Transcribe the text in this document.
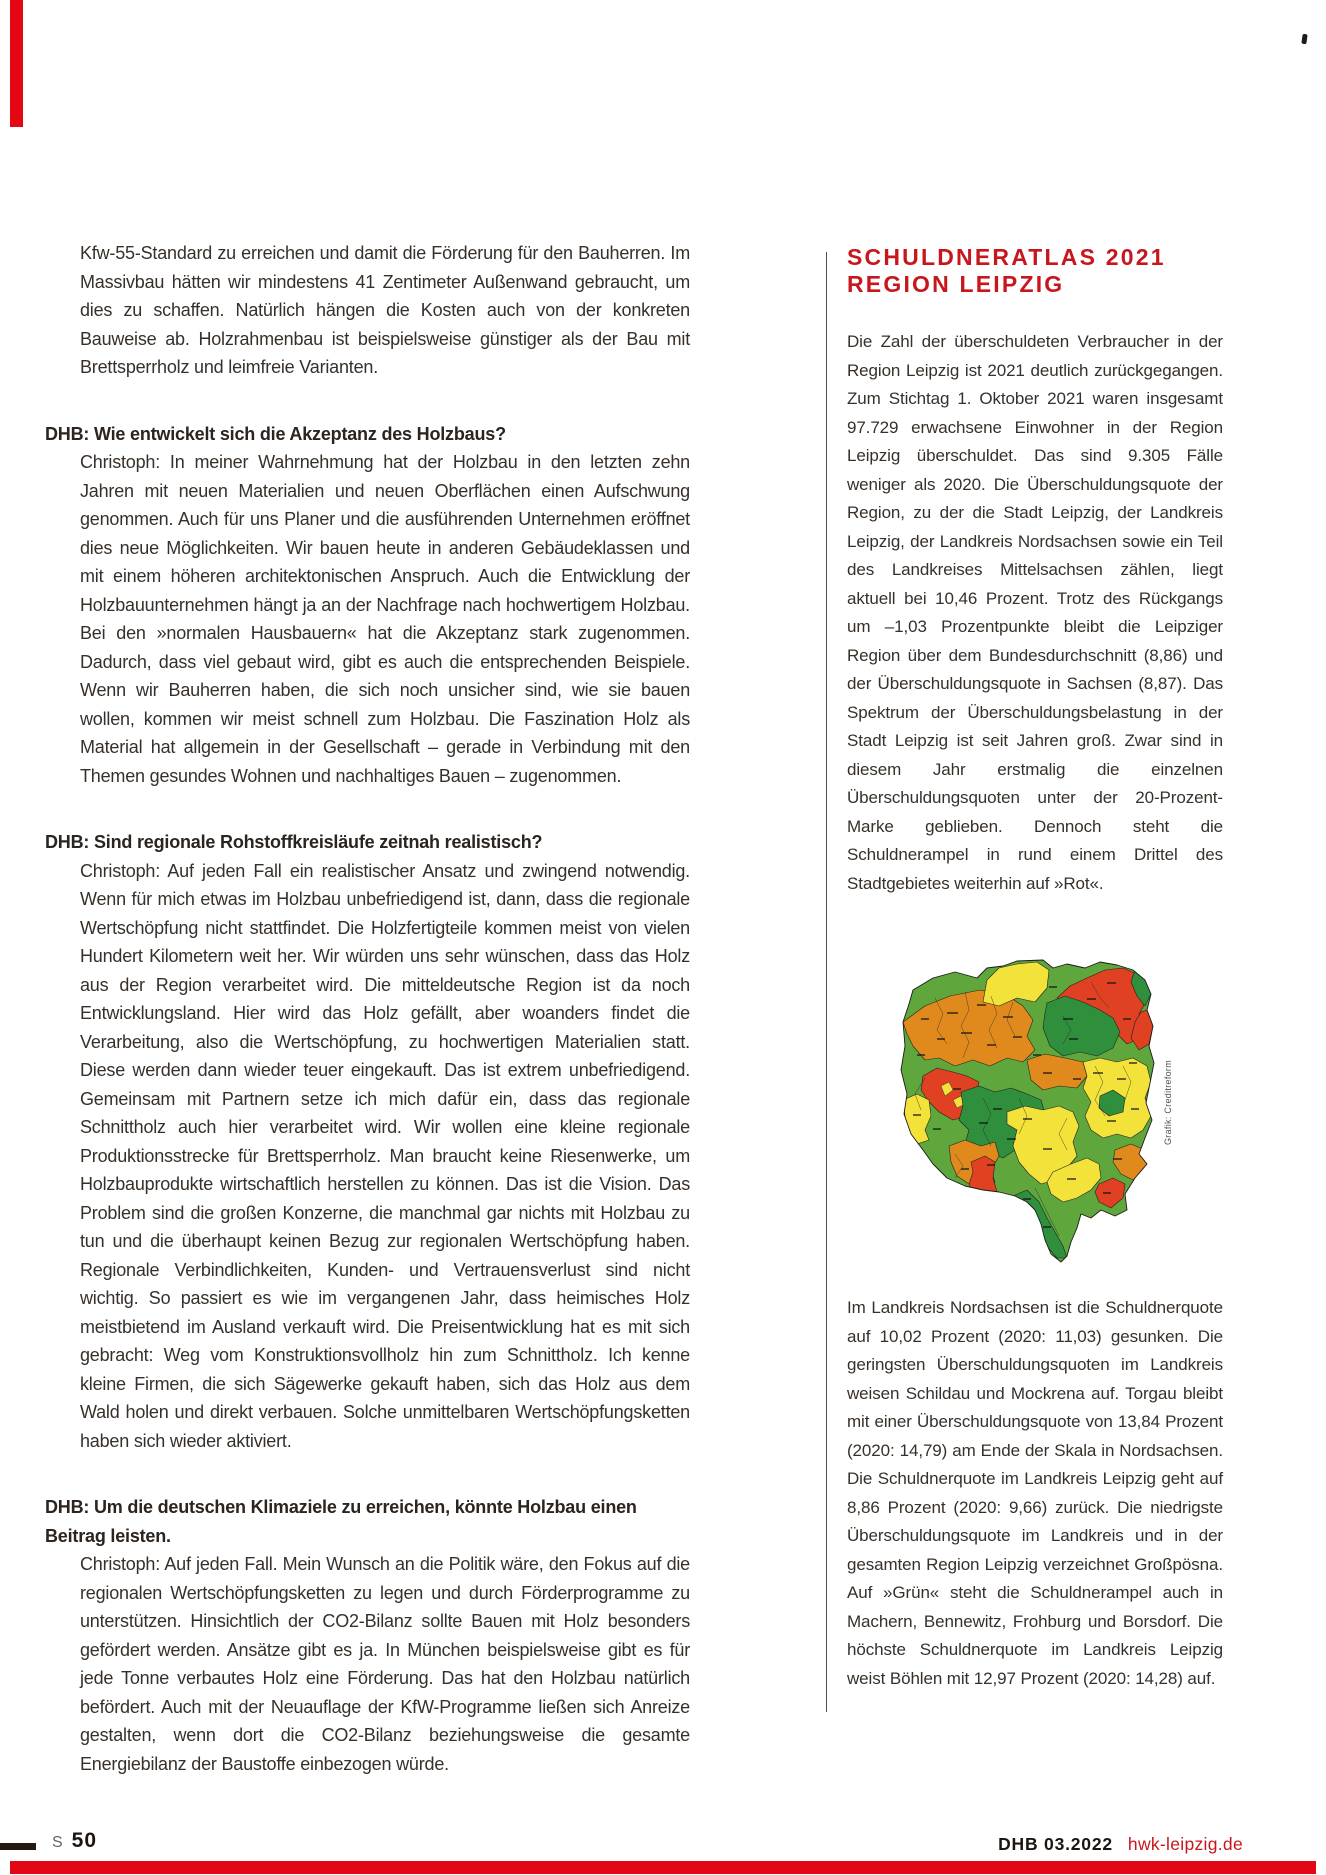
Kfw-55-Standard zu erreichen und damit die Förderung für den Bauherren. Im Massivbau hätten wir mindestens 41 Zentimeter Außenwand gebraucht, um dies zu schaffen. Natürlich hängen die Kosten auch von der konkreten Bauweise ab. Holzrahmenbau ist beispielsweise günstiger als der Bau mit Brettsperrholz und leimfreie Varianten.

DHB: Wie entwickelt sich die Akzeptanz des Holzbaus?

Christoph: In meiner Wahrnehmung hat der Holzbau in den letzten zehn Jahren mit neuen Materialien und neuen Oberflächen einen Aufschwung genommen. Auch für uns Planer und die ausführenden Unternehmen eröffnet dies neue Möglichkeiten. Wir bauen heute in anderen Gebäudeklassen und mit einem höheren architektonischen Anspruch. Auch die Entwicklung der Holzbauunternehmen hängt ja an der Nachfrage nach hochwertigem Holzbau. Bei den »normalen Hausbauern« hat die Akzeptanz stark zugenommen. Dadurch, dass viel gebaut wird, gibt es auch die entsprechenden Beispiele. Wenn wir Bauherren haben, die sich noch unsicher sind, wie sie bauen wollen, kommen wir meist schnell zum Holzbau. Die Faszination Holz als Material hat allgemein in der Gesellschaft – gerade in Verbindung mit den Themen gesundes Wohnen und nachhaltiges Bauen – zugenommen.

DHB: Sind regionale Rohstoffkreisläufe zeitnah realistisch?

Christoph: Auf jeden Fall ein realistischer Ansatz und zwingend notwendig. Wenn für mich etwas im Holzbau unbefriedigend ist, dann, dass die regionale Wertschöpfung nicht stattfindet. Die Holzfertigteile kommen meist von vielen Hundert Kilometern weit her. Wir würden uns sehr wünschen, dass das Holz aus der Region verarbeitet wird. Die mitteldeutsche Region ist da noch Entwicklungsland. Hier wird das Holz gefällt, aber woanders findet die Verarbeitung, also die Wertschöpfung, zu hochwertigen Materialien statt. Diese werden dann wieder teuer eingekauft. Das ist extrem unbefriedigend. Gemeinsam mit Partnern setze ich mich dafür ein, dass das regionale Schnittholz auch hier verarbeitet wird. Wir wollen eine kleine regionale Produktionsstrecke für Brettsperrholz. Man braucht keine Riesenwerke, um Holzbauprodukte wirtschaftlich herstellen zu können. Das ist die Vision. Das Problem sind die großen Konzerne, die manchmal gar nichts mit Holzbau zu tun und die überhaupt keinen Bezug zur regionalen Wertschöpfung haben. Regionale Verbindlichkeiten, Kunden- und Vertrauensverlust sind nicht wichtig. So passiert es wie im vergangenen Jahr, dass heimisches Holz meistbietend im Ausland verkauft wird. Die Preisentwicklung hat es mit sich gebracht: Weg vom Konstruktionsvollholz hin zum Schnittholz. Ich kenne kleine Firmen, die sich Sägewerke gekauft haben, sich das Holz aus dem Wald holen und direkt verbauen. Solche unmittelbaren Wertschöpfungsketten haben sich wieder aktiviert.

DHB: Um die deutschen Klimaziele zu erreichen, könnte Holzbau einen Beitrag leisten.

Christoph: Auf jeden Fall. Mein Wunsch an die Politik wäre, den Fokus auf die regionalen Wertschöpfungsketten zu legen und durch Förderprogramme zu unterstützen. Hinsichtlich der CO2-Bilanz sollte Bauen mit Holz besonders gefördert werden. Ansätze gibt es ja. In München beispielsweise gibt es für jede Tonne verbautes Holz eine Förderung. Das hat den Holzbau natürlich befördert. Auch mit der Neuauflage der KfW-Programme ließen sich Anreize gestalten, wenn dort die CO2-Bilanz beziehungsweise die gesamte Energiebilanz der Baustoffe einbezogen würde.

SCHULDNERATLAS 2021
REGION LEIPZIG

Die Zahl der überschuldeten Verbraucher in der Region Leipzig ist 2021 deutlich zurückgegangen. Zum Stichtag 1. Oktober 2021 waren insgesamt 97.729 erwachsene Einwohner in der Region Leipzig überschuldet. Das sind 9.305 Fälle weniger als 2020. Die Überschuldungsquote der Region, zu der die Stadt Leipzig, der Landkreis Leipzig, der Landkreis Nordsachsen sowie ein Teil des Landkreises Mittelsachsen zählen, liegt aktuell bei 10,46 Prozent. Trotz des Rückgangs um –1,03 Prozentpunkte bleibt die Leipziger Region über dem Bundesdurchschnitt (8,86) und der Überschuldungsquote in Sachsen (8,87). Das Spektrum der Überschuldungsbelastung in der Stadt Leipzig ist seit Jahren groß. Zwar sind in diesem Jahr erstmalig die einzelnen Überschuldungsquoten unter der 20-Prozent-Marke geblieben. Dennoch steht die Schuldnerampel in rund einem Drittel des Stadtgebietes weiterhin auf »Rot«.

Grafik: Creditreform

Im Landkreis Nordsachsen ist die Schuldnerquote auf 10,02 Prozent (2020: 11,03) gesunken. Die geringsten Überschuldungsquoten im Landkreis weisen Schildau und Mockrena auf. Torgau bleibt mit einer Überschuldungsquote von 13,84 Prozent (2020: 14,79) am Ende der Skala in Nordsachsen. Die Schuldnerquote im Landkreis Leipzig geht auf 8,86 Prozent (2020: 9,66) zurück. Die niedrigste Überschuldungsquote im Landkreis und in der gesamten Region Leipzig verzeichnet Großpösna. Auf »Grün« steht die Schuldnerampel auch in Machern, Bennewitz, Frohburg und Borsdorf. Die höchste Schuldnerquote im Landkreis Leipzig weist Böhlen mit 12,97 Prozent (2020: 14,28) auf.

S 50	DHB 03.2022 hwk-leipzig.de
